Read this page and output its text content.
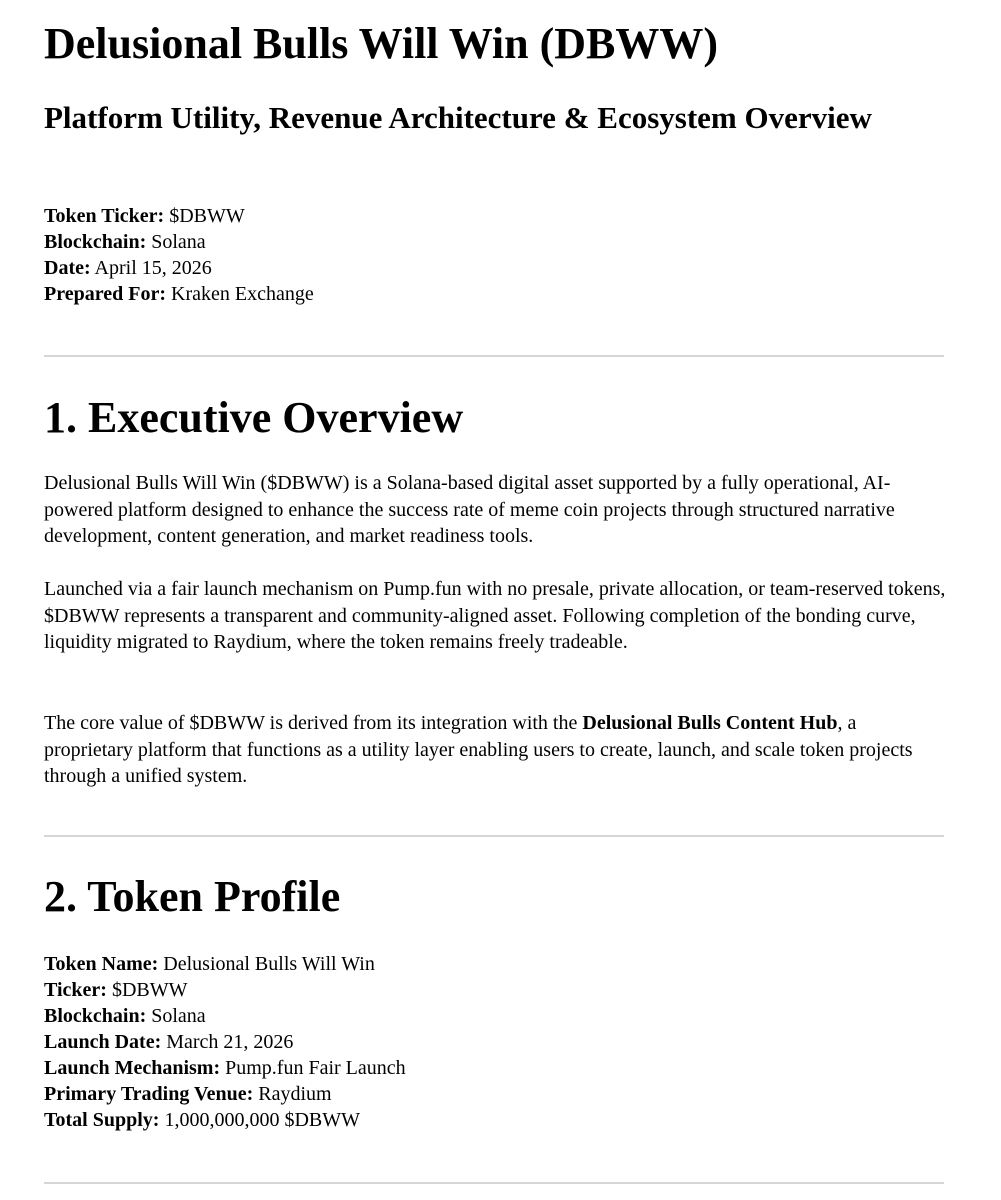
Delusional Bulls Will Win (DBWW)
Platform Utility, Revenue Architecture & Ecosystem Overview
Token Ticker: $DBWW
Blockchain: Solana
Date: April 15, 2026
Prepared For: Kraken Exchange
1. Executive Overview

Delusional Bulls Will Win ($DBWW) is a Solana-based digital asset supported by a fully operational, AI-powered platform designed to enhance the success rate of meme coin projects through structured narrative development, content generation, and market readiness tools.

Launched via a fair launch mechanism on Pump.fun with no presale, private allocation, or team-reserved tokens, $DBWW represents a transparent and community-aligned asset. Following completion of the bonding curve, liquidity migrated to Raydium, where the token remains freely tradeable.

The core value of $DBWW is derived from its integration with the Delusional Bulls Content Hub, a proprietary platform that functions as a utility layer enabling users to create, launch, and scale token projects through a unified system.

2. Token Profile
Token Name: Delusional Bulls Will Win
Ticker: $DBWW
Blockchain: Solana
Launch Date: March 21, 2026
Launch Mechanism: Pump.fun Fair Launch
Primary Trading Venue: Raydium
Total Supply: 1,000,000,000 $DBWW
